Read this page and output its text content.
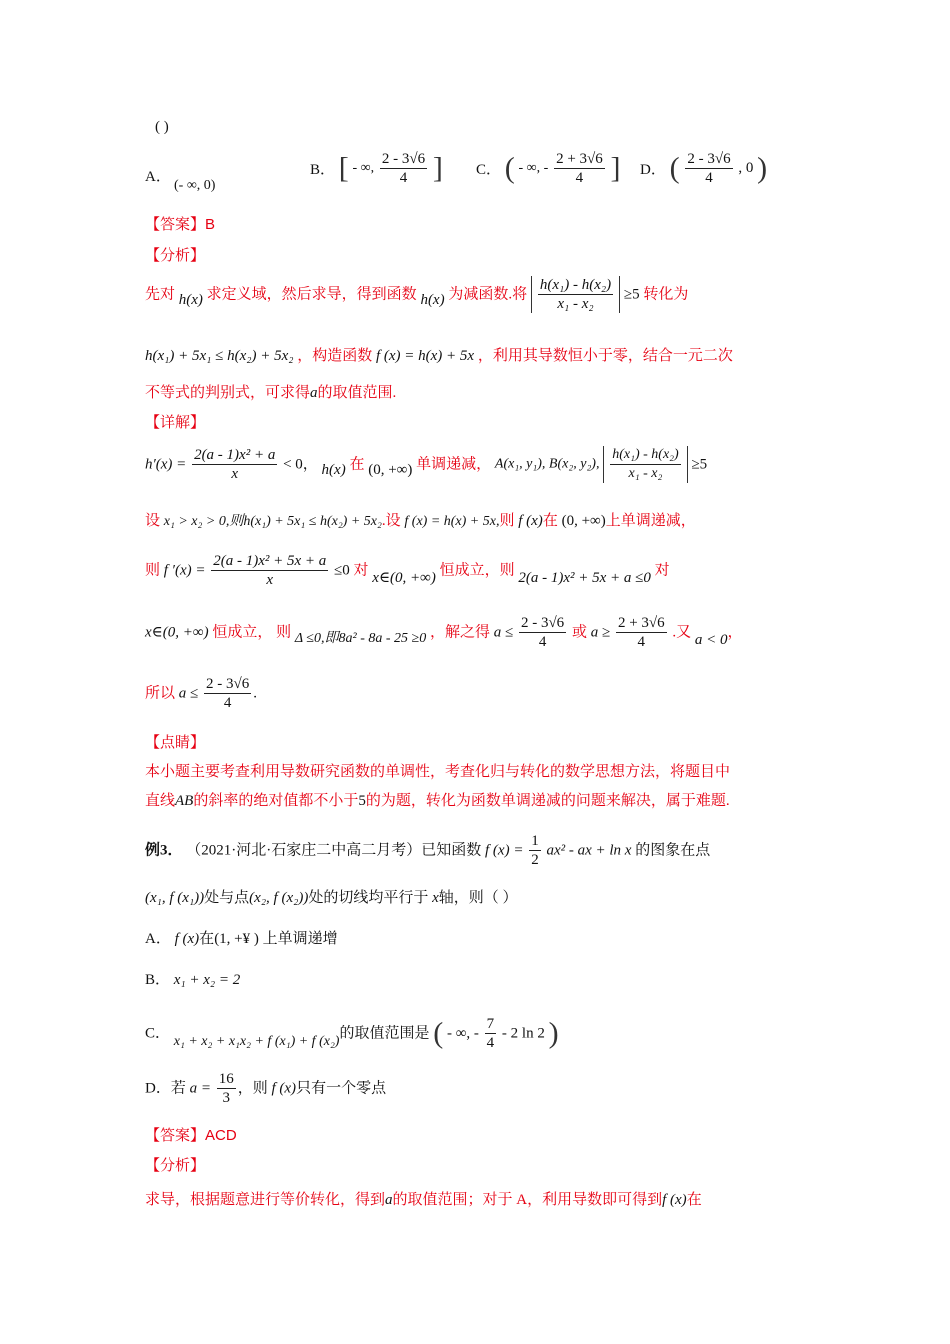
( )
A．
(- ∞, 0)
B． [ - ∞, $\frac{2 - 3√6}{4}$ ] C． ( - ∞, - $\frac{2 + 3√6}{4}$ ] D． ( $\frac{2 - 3√6}{4}$ , 0 )
【答案】B
【分析】
先对 h(x) 求定义域，然后求导，得到函数 h(x) 为减函数.将 $\frac{\text{h(x₁) - h(x₂)}}{\text{x₁ - x₂}} \ge 5$ 转化为
h(x₁) + 5x₁ ≤ h(x₂) + 5x₂ ，构造函数 f (x) = h(x) + 5x ，利用其导数恒小于零，结合一元二次
不等式的判别式，可求得a的取值范围.
【详解】
$h'(x) = \frac{\text{2(a - 1)x² + a}}{x} < 0$， h(x) 在 (0, +∞) 单调递减， A(x₁, y₁), B(x₂, y₂), $\frac{\text{h(x₁) - h(x₂)}}{\text{x₁ - x₂}} \ge 5$
设 x₁ > x₂ > 0,则h(x₁) + 5x₁ ≤ h(x₂) + 5x₂.设 f (x) = h(x) + 5x,则 f (x)在 (0, +∞)上单调递减，
则 f $'(x) = \frac{\text{2(a - 1)x² + 5x + a}}{x} \le 0$ 对 x∈(0, +∞) 恒成立，则 2(a - 1)x² + 5x + a ≤0 对
x∈(0, +∞) 恒成立， 则 Δ ≤0,即8a² - 8a - 25 ≥0 ，解之得 $a \le \frac{2 - 3√6}{4}$ 或 $a \ge \frac{2 + 3√6}{4}$ .又 a < 0，
所以 $a \le \frac{2 - 3√6}{4}$ .
【点睛】
本小题主要考查利用导数研究函数的单调性，考查化归与转化的数学思想方法，将题目中
直线AB的斜率的绝对值都不小于5的为题，转化为函数单调递减的问题来解决，属于难题.
例3． （2021·河北·石家庄二中高二月考）已知函数 f $(x) = \frac{1}{2} ax^2$ - ax + ln x 的图象在点
(x₁, f (x₁))处与点(x₂, f (x₂))处的切线均平行于 x轴，则（ ）
A． f (x)在(1, +¥ ) 上单调递增
B． x₁ + x₂ = 2
C． x₁ + x₂ + x₁x₂ + f (x₁) + f (x₂)的取值范围是 ( - ∞, - $\frac{7}{4} - 2$ ln 2 )
D．若 $a = \frac{16}{3}$ ，则 f (x)只有一个零点
【答案】ACD
【分析】
求导，根据题意进行等价转化，得到a的取值范围；对于 A，利用导数即可得到f (x)在
